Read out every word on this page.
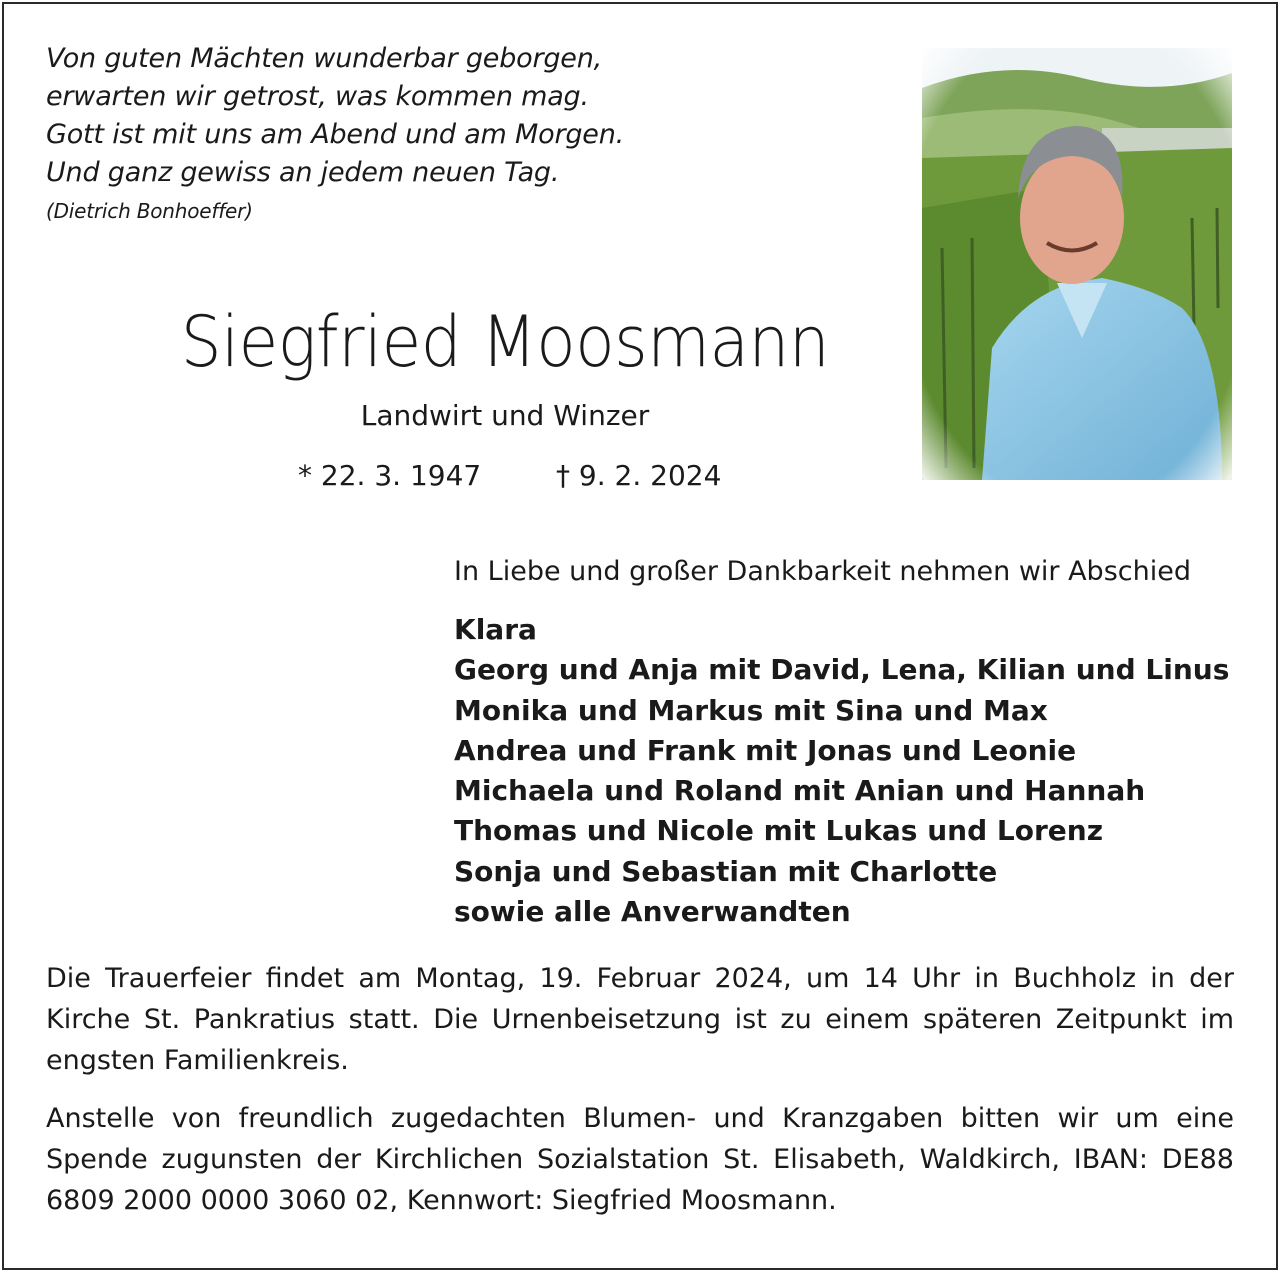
Von guten Mächten wunderbar geborgen,
erwarten wir getrost, was kommen mag.
Gott ist mit uns am Abend und am Morgen.
Und ganz gewiss an jedem neuen Tag.
(Dietrich Bonhoeffer)
Siegfried Moosmann
Landwirt und Winzer
* 22. 3. 1947	† 9. 2. 2024
In Liebe und großer Dankbarkeit nehmen wir Abschied
Klara
Georg und Anja mit David, Lena, Kilian und Linus
Monika und Markus mit Sina und Max
Andrea und Frank mit Jonas und Leonie
Michaela und Roland mit Anian und Hannah
Thomas und Nicole mit Lukas und Lorenz
Sonja und Sebastian mit Charlotte
sowie alle Anverwandten
Die Trauerfeier findet am Montag, 19. Februar 2024, um 14 Uhr in Buchholz in der Kirche St. Pankratius statt. Die Urnenbeisetzung ist zu einem späteren Zeitpunkt im engsten Familienkreis.
Anstelle von freundlich zugedachten Blumen- und Kranzgaben bitten wir um eine Spende zugunsten der Kirchlichen Sozialstation St. Elisabeth, Waldkirch, IBAN: DE88 6809 2000 0000 3060 02, Kennwort: Siegfried Moosmann.
